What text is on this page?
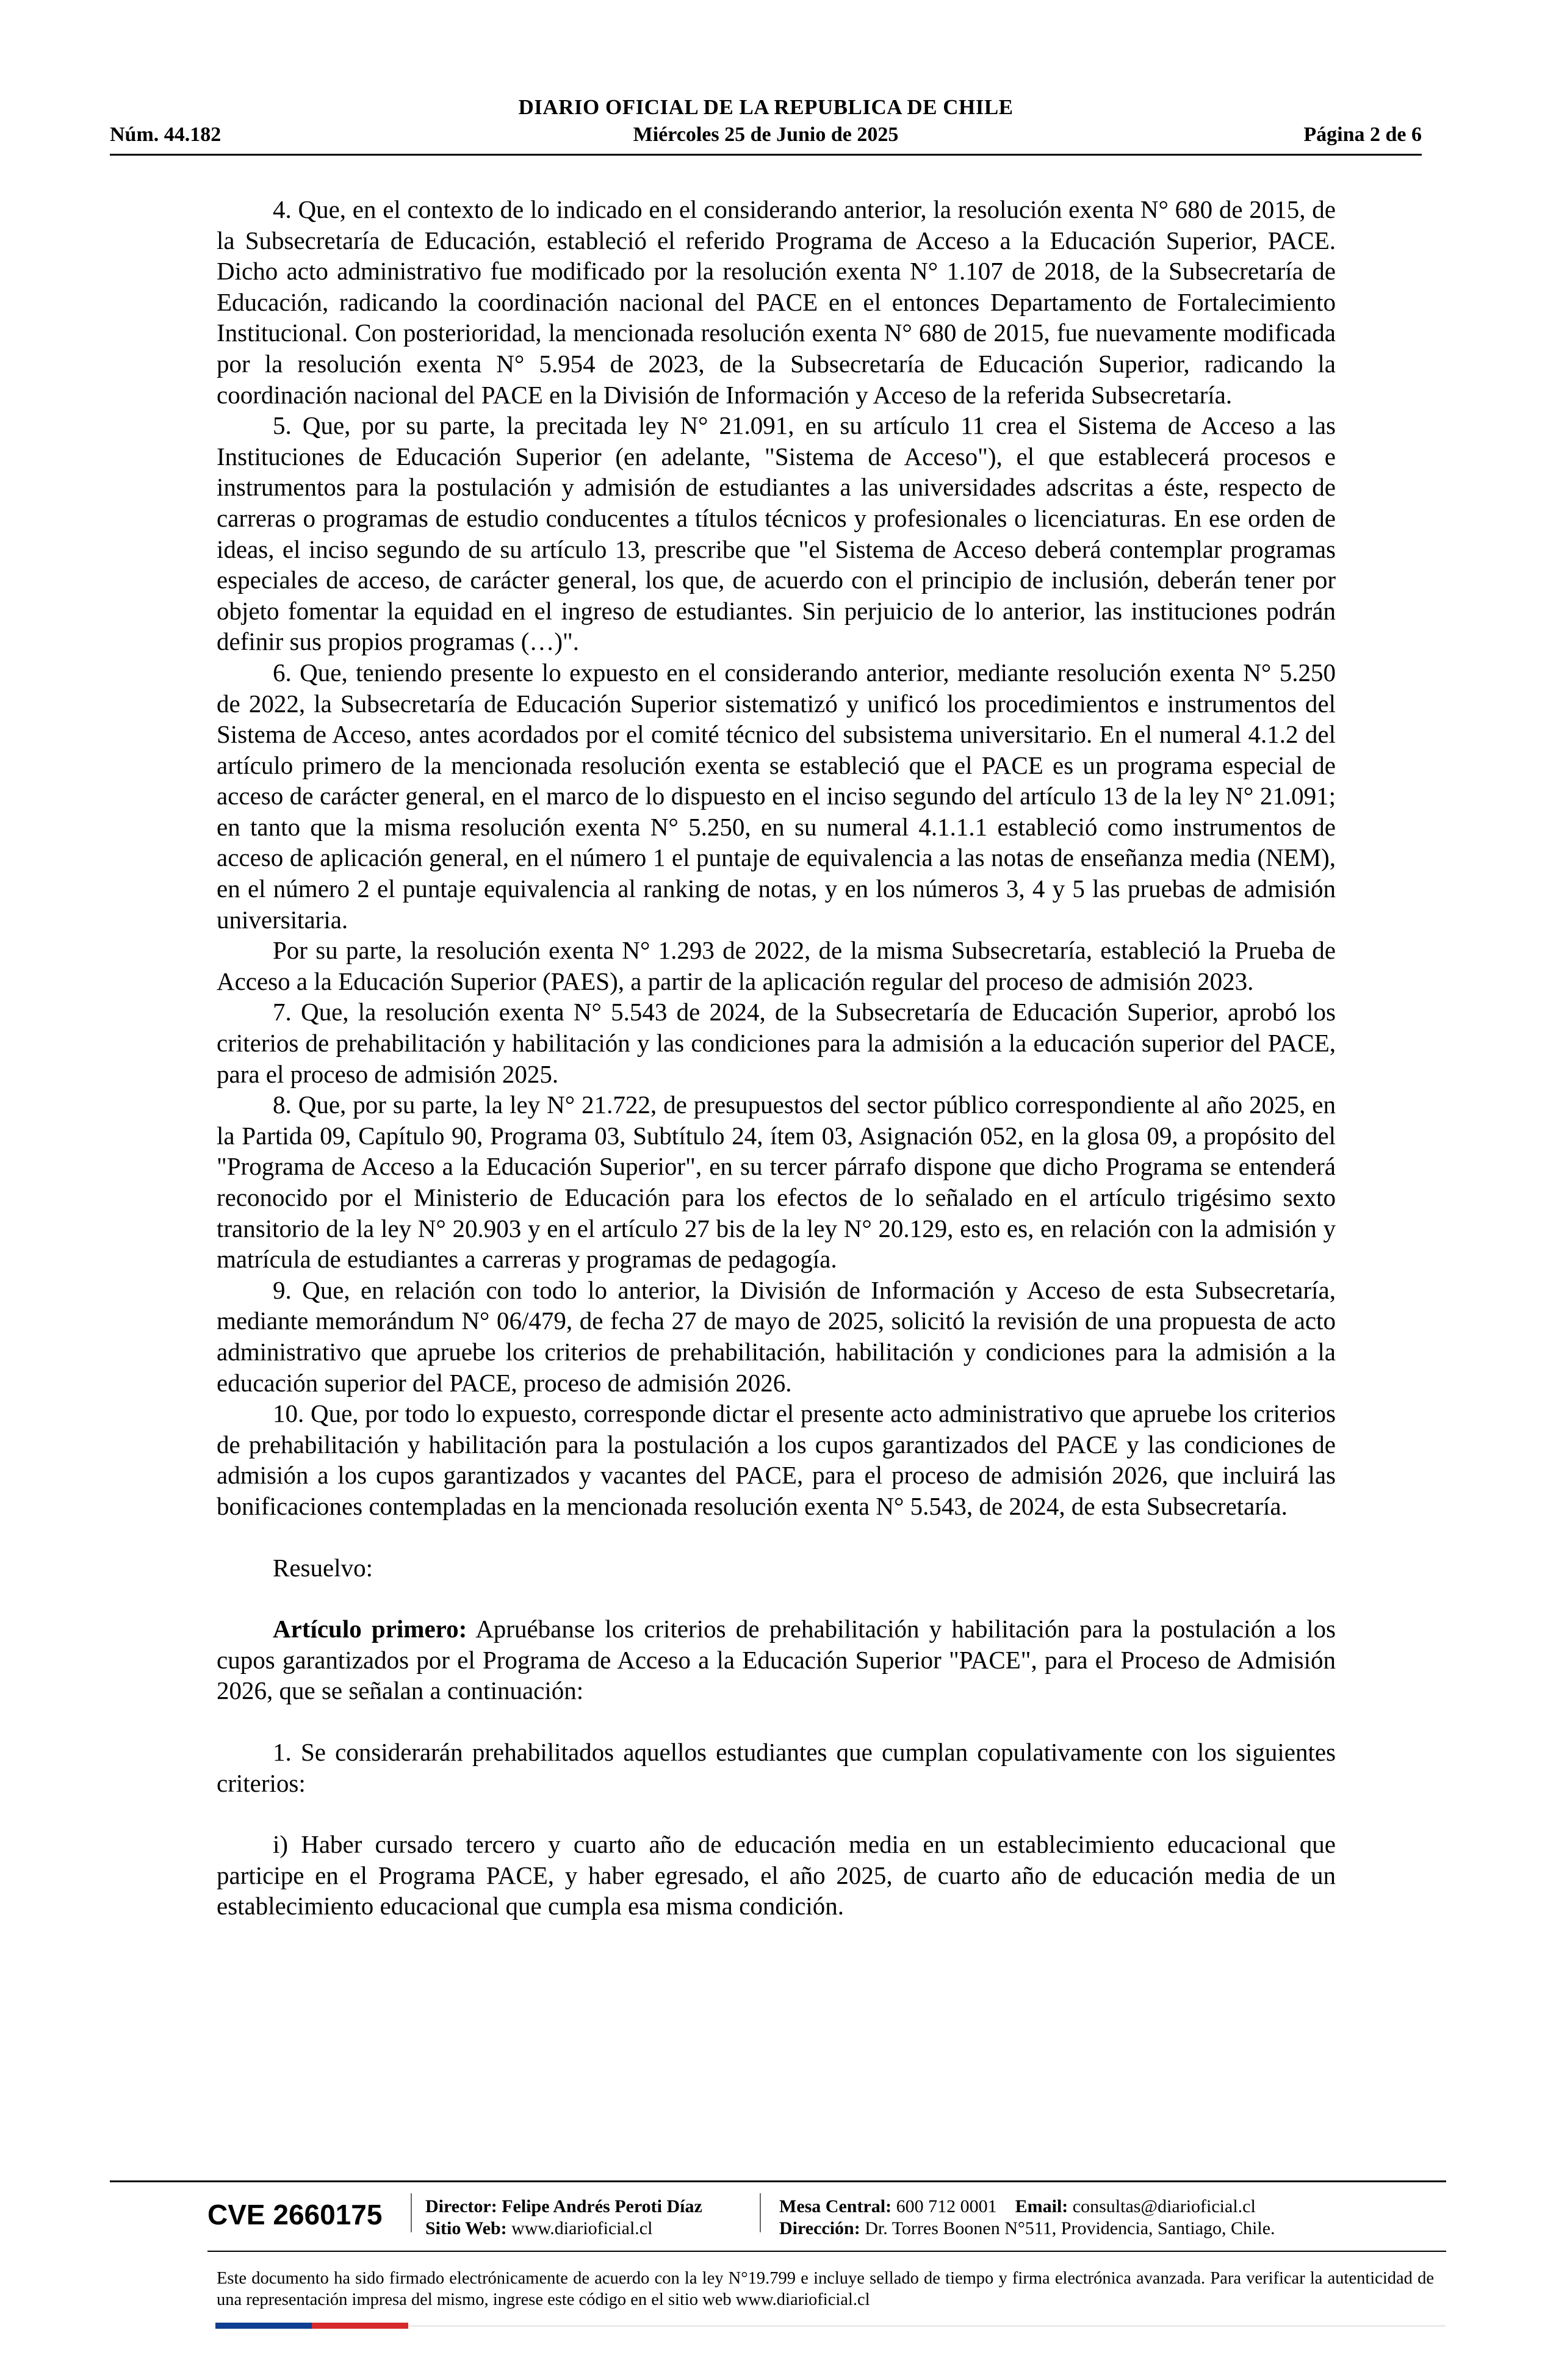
DIARIO OFICIAL DE LA REPUBLICA DE CHILE
Núm. 44.182	Miércoles 25 de Junio de 2025	Página 2 de 6

4. Que, en el contexto de lo indicado en el considerando anterior, la resolución exenta N° 680 de 2015, de la Subsecretaría de Educación, estableció el referido Programa de Acceso a la Educación Superior, PACE. Dicho acto administrativo fue modificado por la resolución exenta N° 1.107 de 2018, de la Subsecretaría de Educación, radicando la coordinación nacional del PACE en el entonces Departamento de Fortalecimiento Institucional. Con posterioridad, la mencionada resolución exenta N° 680 de 2015, fue nuevamente modificada por la resolución exenta N° 5.954 de 2023, de la Subsecretaría de Educación Superior, radicando la coordinación nacional del PACE en la División de Información y Acceso de la referida Subsecretaría.

5. Que, por su parte, la precitada ley N° 21.091, en su artículo 11 crea el Sistema de Acceso a las Instituciones de Educación Superior (en adelante, "Sistema de Acceso"), el que establecerá procesos e instrumentos para la postulación y admisión de estudiantes a las universidades adscritas a éste, respecto de carreras o programas de estudio conducentes a títulos técnicos y profesionales o licenciaturas. En ese orden de ideas, el inciso segundo de su artículo 13, prescribe que "el Sistema de Acceso deberá contemplar programas especiales de acceso, de carácter general, los que, de acuerdo con el principio de inclusión, deberán tener por objeto fomentar la equidad en el ingreso de estudiantes. Sin perjuicio de lo anterior, las instituciones podrán definir sus propios programas (…)".

6. Que, teniendo presente lo expuesto en el considerando anterior, mediante resolución exenta N° 5.250 de 2022, la Subsecretaría de Educación Superior sistematizó y unificó los procedimientos e instrumentos del Sistema de Acceso, antes acordados por el comité técnico del subsistema universitario. En el numeral 4.1.2 del artículo primero de la mencionada resolución exenta se estableció que el PACE es un programa especial de acceso de carácter general, en el marco de lo dispuesto en el inciso segundo del artículo 13 de la ley N° 21.091; en tanto que la misma resolución exenta N° 5.250, en su numeral 4.1.1.1 estableció como instrumentos de acceso de aplicación general, en el número 1 el puntaje de equivalencia a las notas de enseñanza media (NEM), en el número 2 el puntaje equivalencia al ranking de notas, y en los números 3, 4 y 5 las pruebas de admisión universitaria.

Por su parte, la resolución exenta N° 1.293 de 2022, de la misma Subsecretaría, estableció la Prueba de Acceso a la Educación Superior (PAES), a partir de la aplicación regular del proceso de admisión 2023.

7. Que, la resolución exenta N° 5.543 de 2024, de la Subsecretaría de Educación Superior, aprobó los criterios de prehabilitación y habilitación y las condiciones para la admisión a la educación superior del PACE, para el proceso de admisión 2025.

8. Que, por su parte, la ley N° 21.722, de presupuestos del sector público correspondiente al año 2025, en la Partida 09, Capítulo 90, Programa 03, Subtítulo 24, ítem 03, Asignación 052, en la glosa 09, a propósito del "Programa de Acceso a la Educación Superior", en su tercer párrafo dispone que dicho Programa se entenderá reconocido por el Ministerio de Educación para los efectos de lo señalado en el artículo trigésimo sexto transitorio de la ley N° 20.903 y en el artículo 27 bis de la ley N° 20.129, esto es, en relación con la admisión y matrícula de estudiantes a carreras y programas de pedagogía.

9. Que, en relación con todo lo anterior, la División de Información y Acceso de esta Subsecretaría, mediante memorándum N° 06/479, de fecha 27 de mayo de 2025, solicitó la revisión de una propuesta de acto administrativo que apruebe los criterios de prehabilitación, habilitación y condiciones para la admisión a la educación superior del PACE, proceso de admisión 2026.

10. Que, por todo lo expuesto, corresponde dictar el presente acto administrativo que apruebe los criterios de prehabilitación y habilitación para la postulación a los cupos garantizados del PACE y las condiciones de admisión a los cupos garantizados y vacantes del PACE, para el proceso de admisión 2026, que incluirá las bonificaciones contempladas en la mencionada resolución exenta N° 5.543, de 2024, de esta Subsecretaría.

Resuelvo:

Artículo primero: Apruébanse los criterios de prehabilitación y habilitación para la postulación a los cupos garantizados por el Programa de Acceso a la Educación Superior "PACE", para el Proceso de Admisión 2026, que se señalan a continuación:

1. Se considerarán prehabilitados aquellos estudiantes que cumplan copulativamente con los siguientes criterios:

i) Haber cursado tercero y cuarto año de educación media en un establecimiento educacional que participe en el Programa PACE, y haber egresado, el año 2025, de cuarto año de educación media de un establecimiento educacional que cumpla esa misma condición.

CVE 2660175 Director: Felipe Andrés Peroti Díaz
Sitio Web: www.diarioficial.cl
Mesa Central: 600 712 0001 Email: consultas@diarioficial.cl
Dirección: Dr. Torres Boonen N°511, Providencia, Santiago, Chile.
Este documento ha sido firmado electrónicamente de acuerdo con la ley N°19.799 e incluye sellado de tiempo y firma electrónica avanzada. Para verificar la autenticidad de una representación impresa del mismo, ingrese este código en el sitio web www.diarioficial.cl
